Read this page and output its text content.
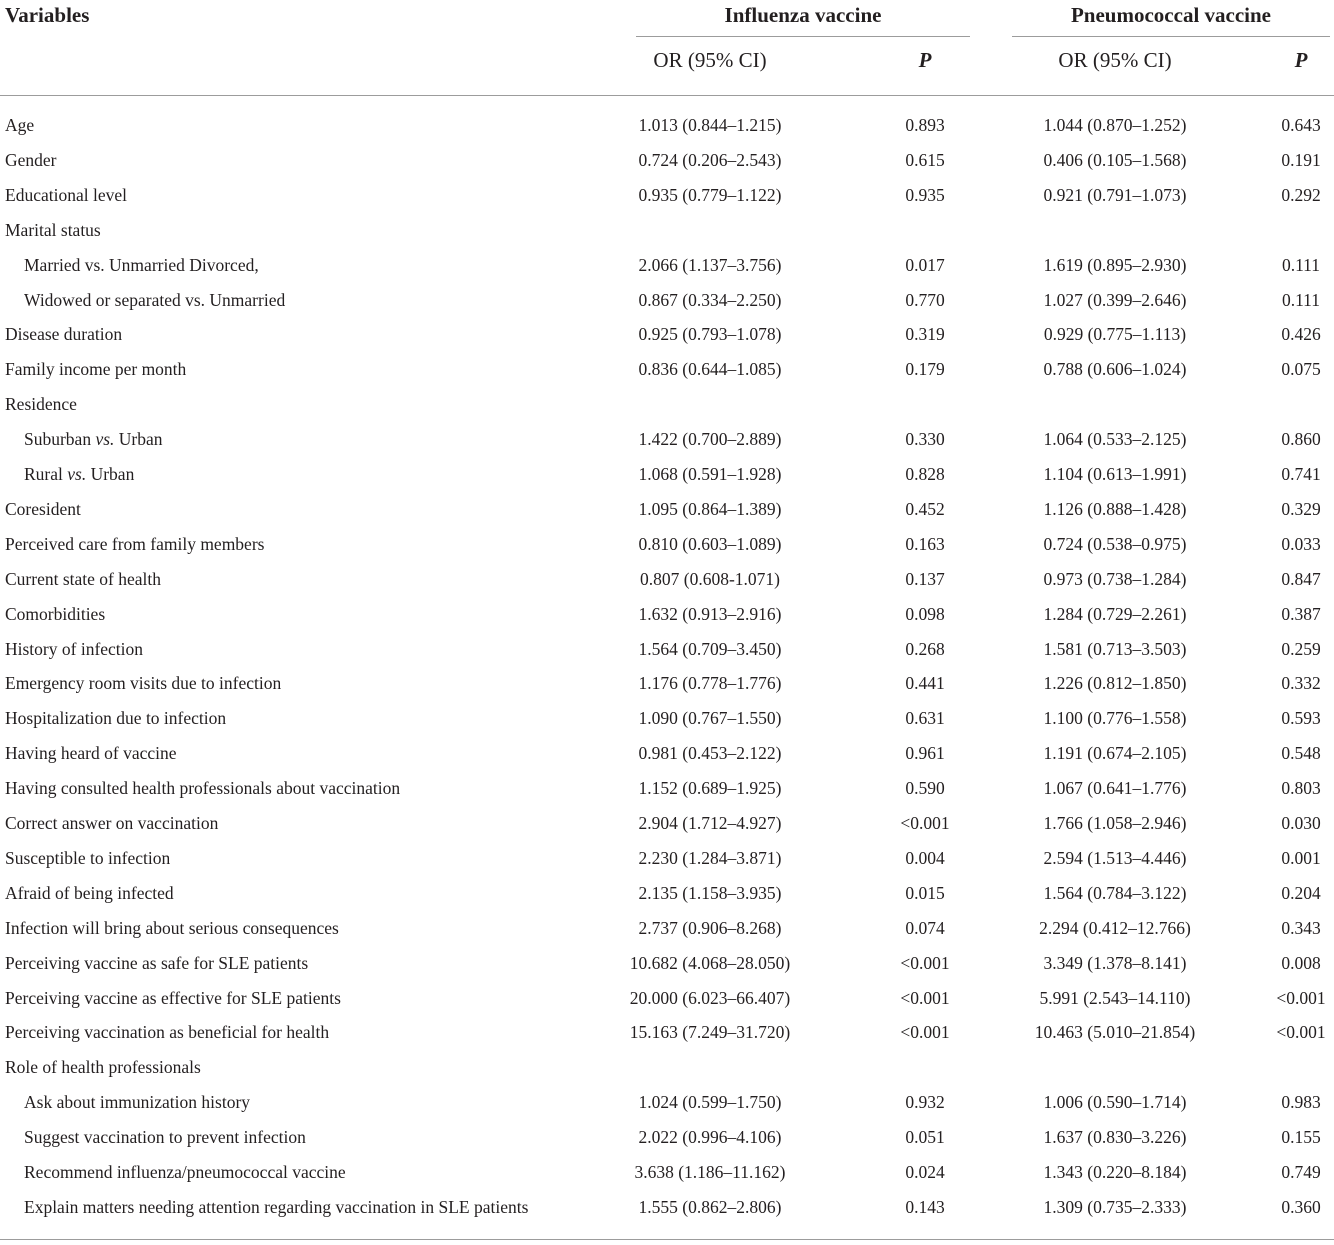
Variables	Influenza vaccine	Pneumococcal vaccine
OR (95% CI)	P	OR (95% CI)	P
Age	1.013 (0.844–1.215)	0.893	1.044 (0.870–1.252)	0.643
Gender	0.724 (0.206–2.543)	0.615	0.406 (0.105–1.568)	0.191
Educational level	0.935 (0.779–1.122)	0.935	0.921 (0.791–1.073)	0.292
Marital status
Married vs. Unmarried Divorced,	2.066 (1.137–3.756)	0.017	1.619 (0.895–2.930)	0.111
Widowed or separated vs. Unmarried	0.867 (0.334–2.250)	0.770	1.027 (0.399–2.646)	0.111
Disease duration	0.925 (0.793–1.078)	0.319	0.929 (0.775–1.113)	0.426
Family income per month	0.836 (0.644–1.085)	0.179	0.788 (0.606–1.024)	0.075
Residence
Suburban vs. Urban	1.422 (0.700–2.889)	0.330	1.064 (0.533–2.125)	0.860
Rural vs. Urban	1.068 (0.591–1.928)	0.828	1.104 (0.613–1.991)	0.741
Coresident	1.095 (0.864–1.389)	0.452	1.126 (0.888–1.428)	0.329
Perceived care from family members	0.810 (0.603–1.089)	0.163	0.724 (0.538–0.975)	0.033
Current state of health	0.807 (0.608-1.071)	0.137	0.973 (0.738–1.284)	0.847
Comorbidities	1.632 (0.913–2.916)	0.098	1.284 (0.729–2.261)	0.387
History of infection	1.564 (0.709–3.450)	0.268	1.581 (0.713–3.503)	0.259
Emergency room visits due to infection	1.176 (0.778–1.776)	0.441	1.226 (0.812–1.850)	0.332
Hospitalization due to infection	1.090 (0.767–1.550)	0.631	1.100 (0.776–1.558)	0.593
Having heard of vaccine	0.981 (0.453–2.122)	0.961	1.191 (0.674–2.105)	0.548
Having consulted health professionals about vaccination	1.152 (0.689–1.925)	0.590	1.067 (0.641–1.776)	0.803
Correct answer on vaccination	2.904 (1.712–4.927)	<0.001	1.766 (1.058–2.946)	0.030
Susceptible to infection	2.230 (1.284–3.871)	0.004	2.594 (1.513–4.446)	0.001
Afraid of being infected	2.135 (1.158–3.935)	0.015	1.564 (0.784–3.122)	0.204
Infection will bring about serious consequences	2.737 (0.906–8.268)	0.074	2.294 (0.412–12.766)	0.343
Perceiving vaccine as safe for SLE patients	10.682 (4.068–28.050)	<0.001	3.349 (1.378–8.141)	0.008
Perceiving vaccine as effective for SLE patients	20.000 (6.023–66.407)	<0.001	5.991 (2.543–14.110)	<0.001
Perceiving vaccination as beneficial for health	15.163 (7.249–31.720)	<0.001	10.463 (5.010–21.854)	<0.001
Role of health professionals
Ask about immunization history	1.024 (0.599–1.750)	0.932	1.006 (0.590–1.714)	0.983
Suggest vaccination to prevent infection	2.022 (0.996–4.106)	0.051	1.637 (0.830–3.226)	0.155
Recommend influenza/pneumococcal vaccine	3.638 (1.186–11.162)	0.024	1.343 (0.220–8.184)	0.749
Explain matters needing attention regarding vaccination in SLE patients	1.555 (0.862–2.806)	0.143	1.309 (0.735–2.333)	0.360
